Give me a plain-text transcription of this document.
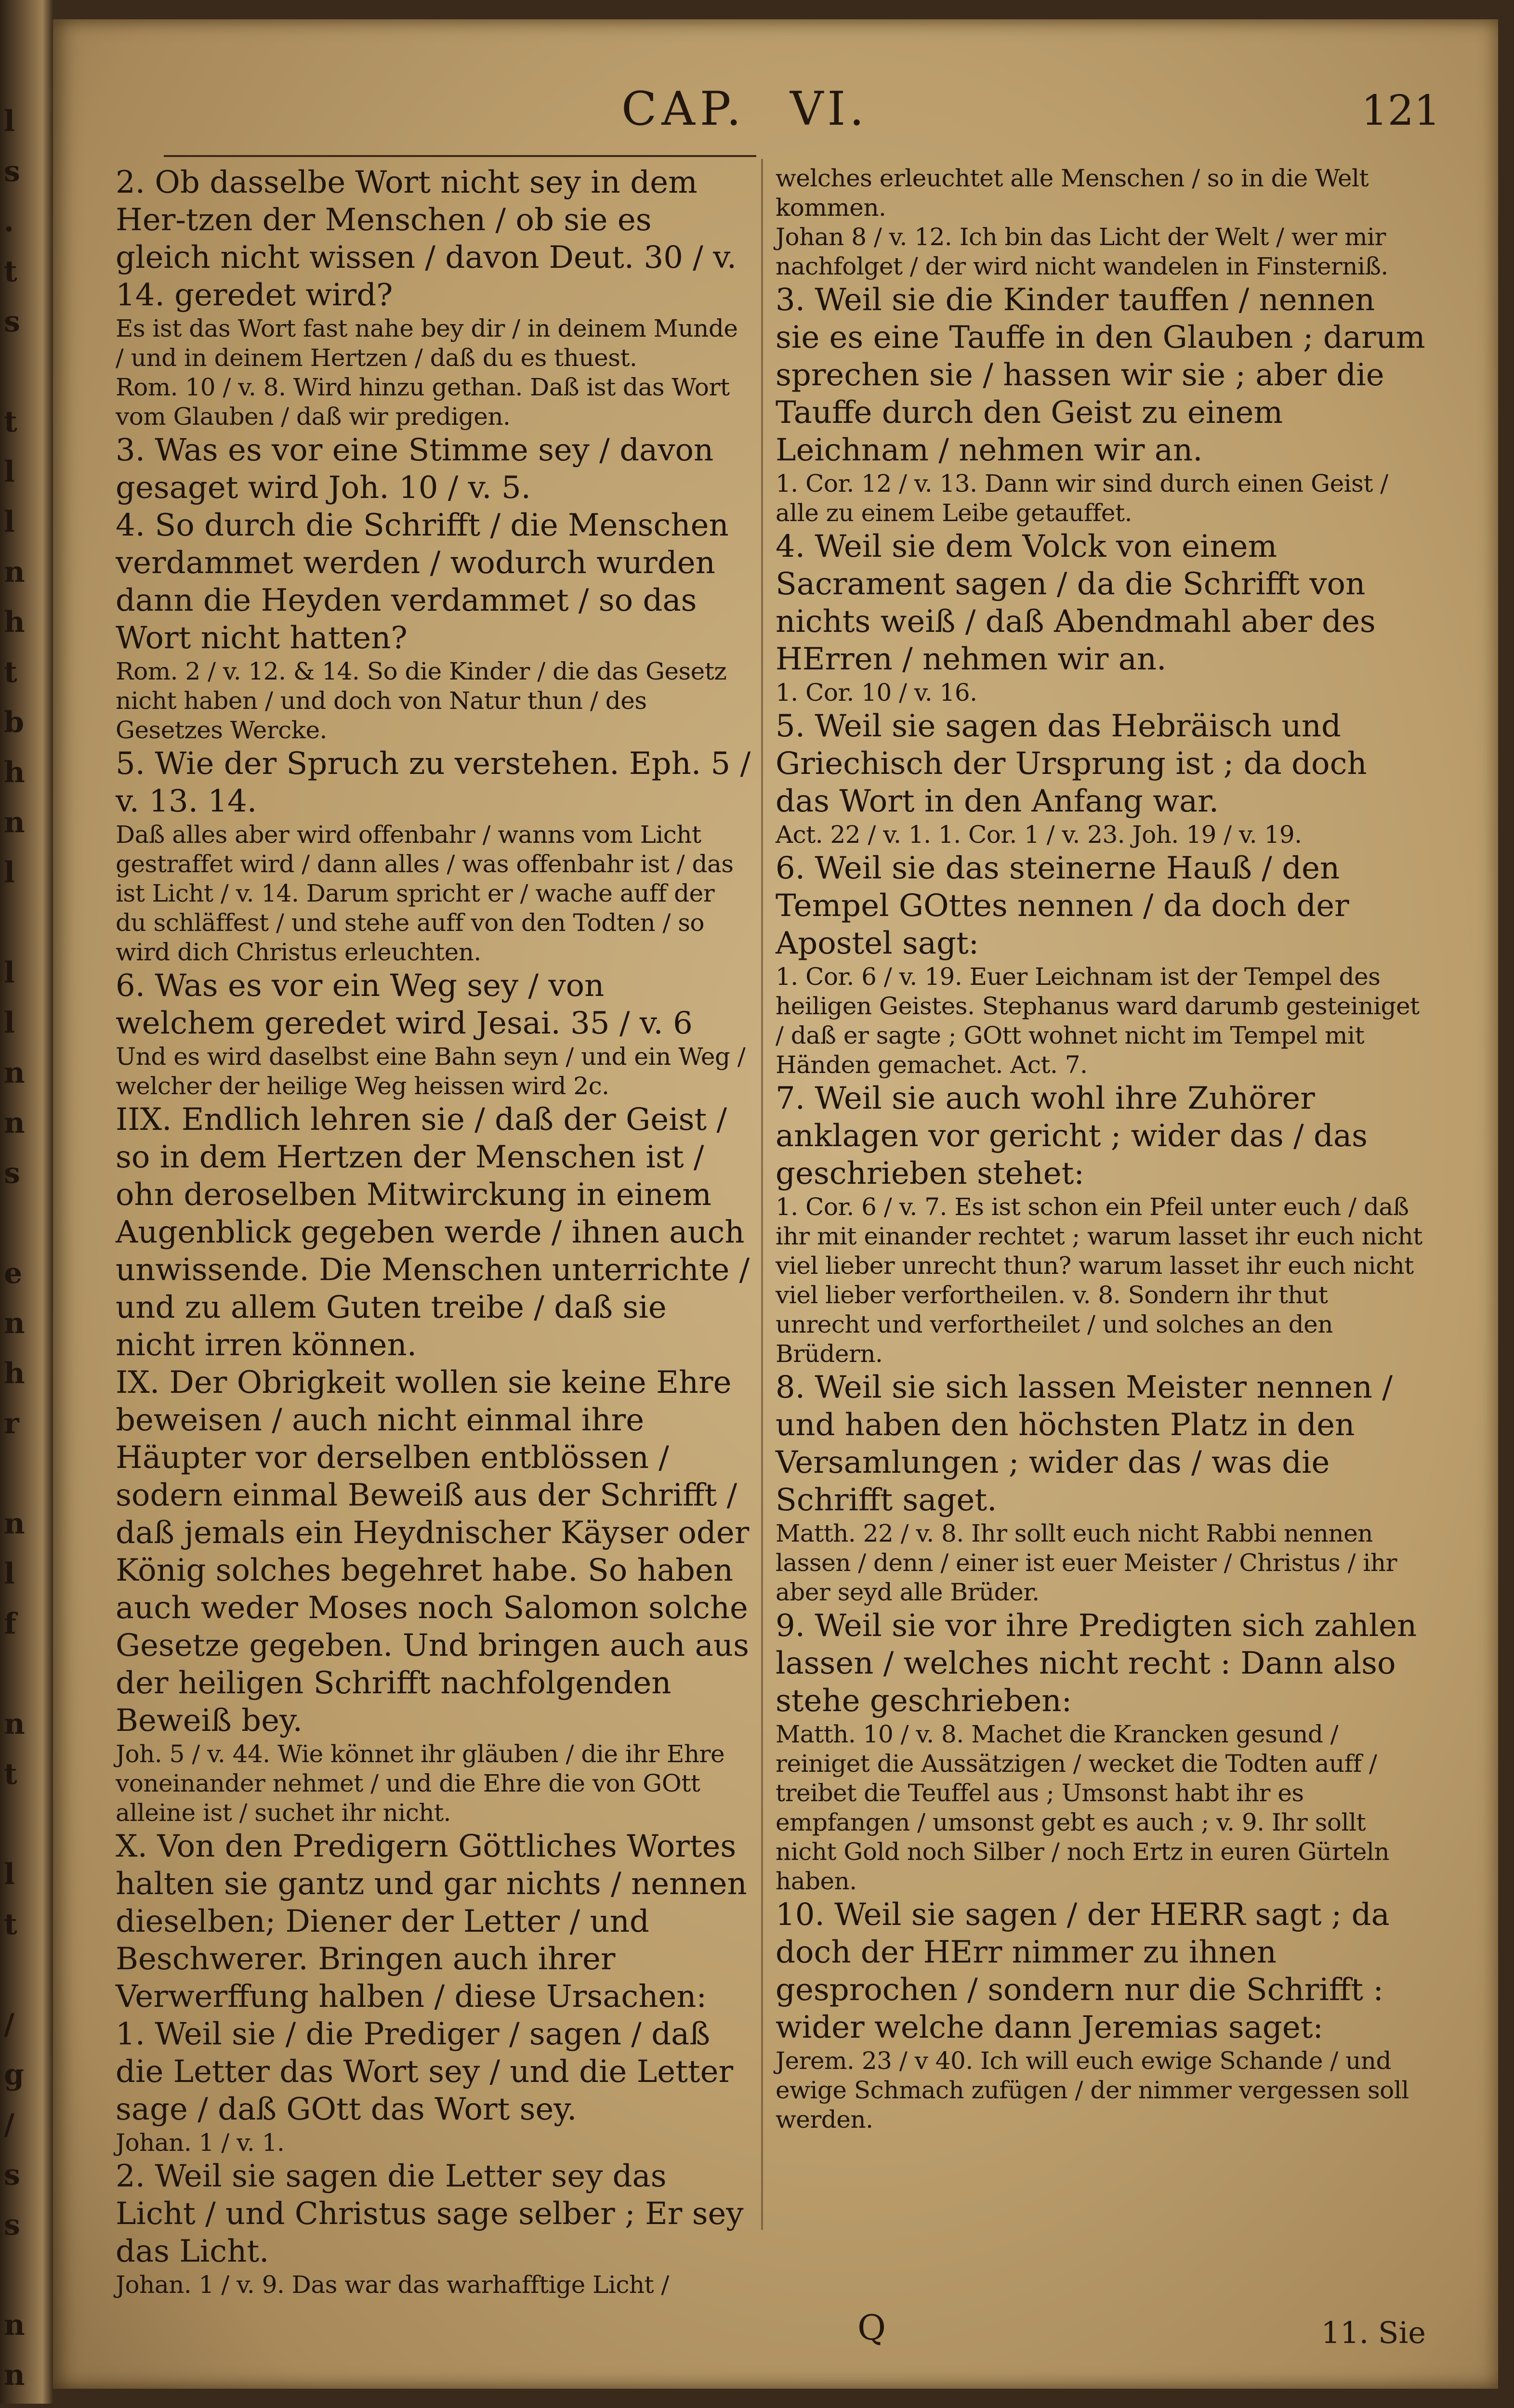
l
s
.
t
s

t
l
l
n
h
t
b
h
n
l

l
l
n
n
s

e
n
h
r

n
l
f

n
t

l
t

/
g
/
s
s

n
n

CAP. VI.	121

2. Ob dasselbe Wort nicht sey in dem Her-tzen der Menschen / ob sie es gleich nicht wissen / davon Deut. 30 / v. 14. geredet wird?

Es ist das Wort fast nahe bey dir / in deinem Munde / und in deinem Hertzen / daß du es thuest.

Rom. 10 / v. 8. Wird hinzu gethan. Daß ist das Wort vom Glauben / daß wir predigen.

3. Was es vor eine Stimme sey / davon gesaget wird Joh. 10 / v. 5.

4. So durch die Schrifft / die Menschen verdammet werden / wodurch wurden dann die Heyden verdammet / so das Wort nicht hatten?

Rom. 2 / v. 12. & 14. So die Kinder / die das Gesetz nicht haben / und doch von Natur thun / des Gesetzes Wercke.

5. Wie der Spruch zu verstehen. Eph. 5 / v. 13. 14.

Daß alles aber wird offenbahr / wanns vom Licht gestraffet wird / dann alles / was offenbahr ist / das ist Licht / v. 14. Darum spricht er / wache auff der du schläffest / und stehe auff von den Todten / so wird dich Christus erleuchten.

6. Was es vor ein Weg sey / von welchem geredet wird Jesai. 35 / v. 6

Und es wird daselbst eine Bahn seyn / und ein Weg / welcher der heilige Weg heissen wird 2c.

IIX. Endlich lehren sie / daß der Geist / so in dem Hertzen der Menschen ist / ohn deroselben Mitwirckung in einem Augenblick gegeben werde / ihnen auch unwissende. Die Menschen unterrichte / und zu allem Guten treibe / daß sie nicht irren können.

IX. Der Obrigkeit wollen sie keine Ehre beweisen / auch nicht einmal ihre Häupter vor derselben entblössen / sodern einmal Beweiß aus der Schrifft / daß jemals ein Heydnischer Käyser oder König solches begehret habe. So haben auch weder Moses noch Salomon solche Gesetze gegeben. Und bringen auch aus der heiligen Schrifft nachfolgenden Beweiß bey.

Joh. 5 / v. 44. Wie könnet ihr gläuben / die ihr Ehre voneinander nehmet / und die Ehre die von GOtt alleine ist / suchet ihr nicht.

X. Von den Predigern Göttliches Wortes halten sie gantz und gar nichts / nennen dieselben; Diener der Letter / und Beschwerer. Bringen auch ihrer Verwerffung halben / diese Ursachen:

1. Weil sie / die Prediger / sagen / daß die Letter das Wort sey / und die Letter sage / daß GOtt das Wort sey.

Johan. 1 / v. 1.

2. Weil sie sagen die Letter sey das Licht / und Christus sage selber ; Er sey das Licht.

Johan. 1 / v. 9. Das war das warhafftige Licht /

welches erleuchtet alle Menschen / so in die Welt kommen.

Johan 8 / v. 12. Ich bin das Licht der Welt / wer mir nachfolget / der wird nicht wandelen in Finsterniß.

3. Weil sie die Kinder tauffen / nennen sie es eine Tauffe in den Glauben ; darum sprechen sie / hassen wir sie ; aber die Tauffe durch den Geist zu einem Leichnam / nehmen wir an.

1. Cor. 12 / v. 13. Dann wir sind durch einen Geist / alle zu einem Leibe getauffet.

4. Weil sie dem Volck von einem Sacrament sagen / da die Schrifft von nichts weiß / daß Abendmahl aber des HErren / nehmen wir an.

1. Cor. 10 / v. 16.

5. Weil sie sagen das Hebräisch und Griechisch der Ursprung ist ; da doch das Wort in den Anfang war.

Act. 22 / v. 1. 1. Cor. 1 / v. 23. Joh. 19 / v. 19.

6. Weil sie das steinerne Hauß / den Tempel GOttes nennen / da doch der Apostel sagt:

1. Cor. 6 / v. 19. Euer Leichnam ist der Tempel des heiligen Geistes. Stephanus ward darumb gesteiniget / daß er sagte ; GOtt wohnet nicht im Tempel mit Händen gemachet. Act. 7.

7. Weil sie auch wohl ihre Zuhörer anklagen vor gericht ; wider das / das geschrieben stehet:

1. Cor. 6 / v. 7. Es ist schon ein Pfeil unter euch / daß ihr mit einander rechtet ; warum lasset ihr euch nicht viel lieber unrecht thun? warum lasset ihr euch nicht viel lieber verfortheilen. v. 8. Sondern ihr thut unrecht und verfortheilet / und solches an den Brüdern.

8. Weil sie sich lassen Meister nennen / und haben den höchsten Platz in den Versamlungen ; wider das / was die Schrifft saget.

Matth. 22 / v. 8. Ihr sollt euch nicht Rabbi nennen lassen / denn / einer ist euer Meister / Christus / ihr aber seyd alle Brüder.

9. Weil sie vor ihre Predigten sich zahlen lassen / welches nicht recht : Dann also stehe geschrieben:

Matth. 10 / v. 8. Machet die Krancken gesund / reiniget die Aussätzigen / wecket die Todten auff / treibet die Teuffel aus ; Umsonst habt ihr es empfangen / umsonst gebt es auch ; v. 9. Ihr sollt nicht Gold noch Silber / noch Ertz in euren Gürteln haben.

10. Weil sie sagen / der HERR sagt ; da doch der HErr nimmer zu ihnen gesprochen / sondern nur die Schrifft : wider welche dann Jeremias saget:

Jerem. 23 / v 40. Ich will euch ewige Schande / und ewige Schmach zufügen / der nimmer vergessen soll werden.

Q	11. Sie
